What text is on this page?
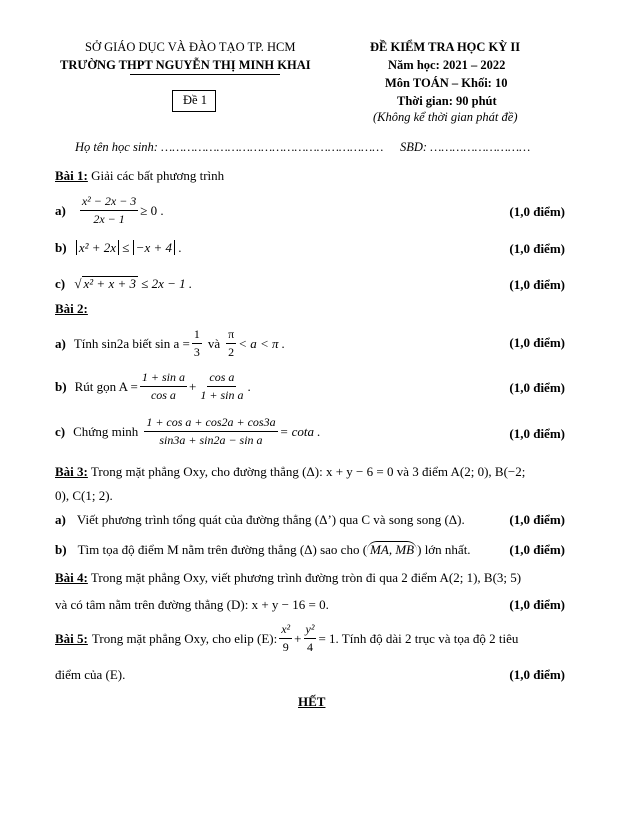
SỞ GIÁO DỤC VÀ ĐÀO TẠO TP. HCM
TRƯỜNG THPT NGUYỄN THỊ MINH KHAI
Đề 1
ĐỀ KIỂM TRA HỌC KỲ II
Năm học: 2021 – 2022
Môn TOÁN – Khối: 10
Thời gian: 90 phút
(Không kể thời gian phát đề)
Họ tên học sinh: …………………………………………………… SBD: ………………………
Bài 1: Giải các bất phương trình
$a) \frac{\text{x² − 2x − 3}}{2x - 1} \ge 0$ .	(1,0 điểm)
b) x² + 2x ≤ −x + 4 .	(1,0 điểm)
c) √ x² + x + 3 ≤ 2x − 1 .	(1,0 điểm)
Bài 2:
a) Tính sin2a biết $\sin a = \frac{1}{3}$ và $\frac{\pi}{2} < a < \pi$ .	(1,0 điểm)
b) Rút gọn $A = \frac{\text{1 + sin a}}{\text{cos a}} + \frac{\text{cos a}}{\text{1 + sin a}}$ .	(1,0 điểm)
c) Chứng minh $\frac{\text{1 + cos a + cos2a + cos3a}}{\text{sin3a + sin2a − sin a}} = \cot a$ .	(1,0 điểm)
Bài 3: Trong mặt phẳng Oxy, cho đường thẳng (Δ): x + y − 6 = 0 và 3 điểm A(2; 0), B(−2;
0), C(1; 2).
a) Viết phương trình tổng quát của đường thẳng (Δ’) qua C và song song (Δ).	(1,0 điểm)
b) Tìm tọa độ điểm M nằm trên đường thẳng (Δ) sao cho ( MA, MB ) lớn nhất.	(1,0 điểm)
Bài 4: Trong mặt phẳng Oxy, viết phương trình đường tròn đi qua 2 điểm A(2; 1), B(3; 5)
và có tâm nằm trên đường thẳng (D): x + y − 16 = 0.	(1,0 điểm)
Bài 5: Trong mặt phẳng Oxy, cho elip (E): $\frac{\text{x²}}{9} + \frac{\text{y²}}{4} = 1$. Tính độ dài 2 trục và tọa độ 2 tiêu
điểm của (E).	(1,0 điểm)
HẾT
